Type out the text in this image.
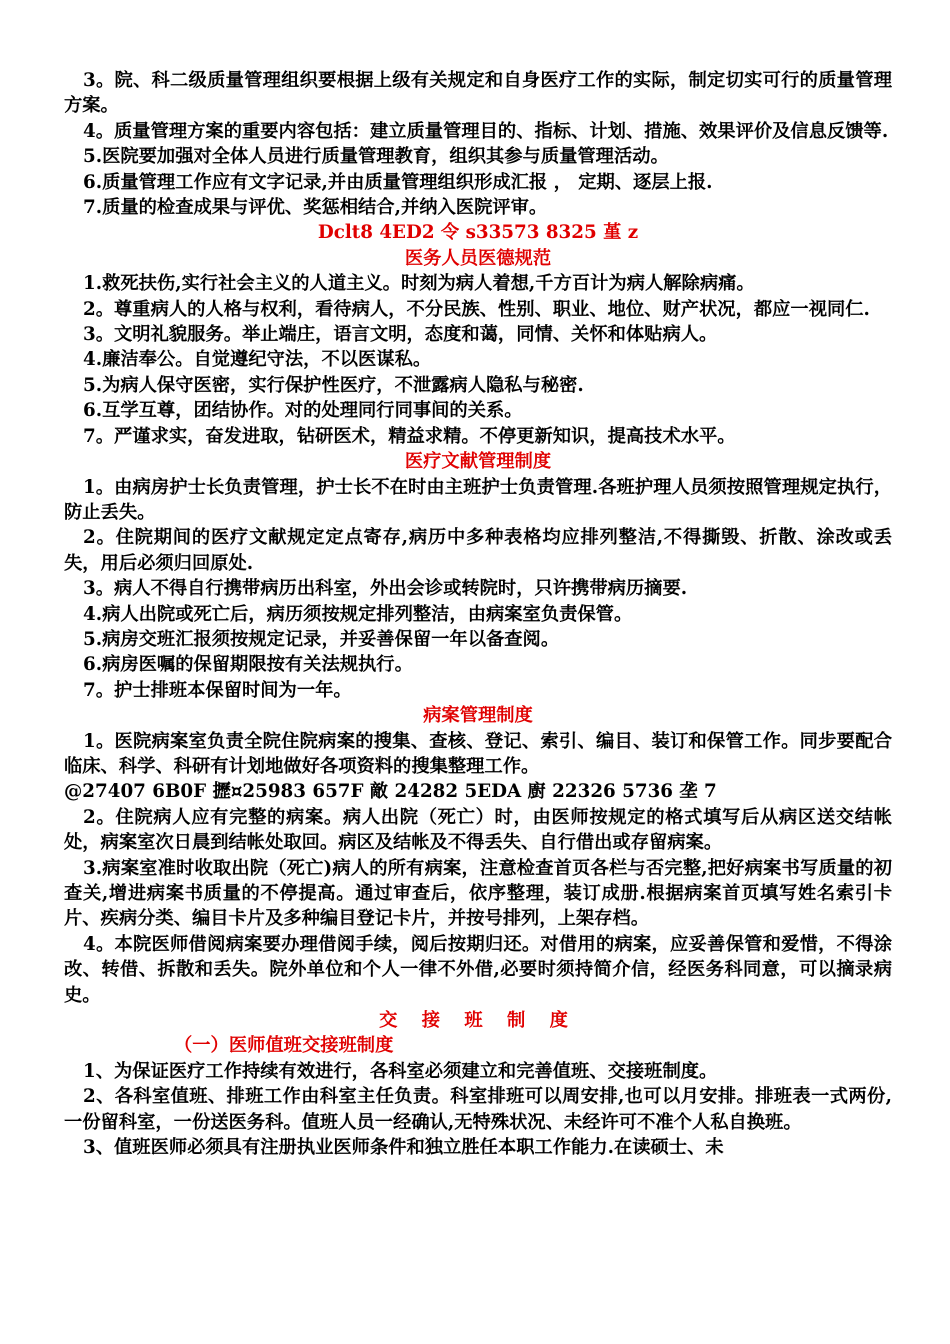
3。院、科二级质量管理组织要根据上级有关规定和自身医疗工作的实际，制定切实可行的质量管理方案。

4。质量管理方案的重要内容包括：建立质量管理目的、指标、计划、措施、效果评价及信息反馈等.

5.医院要加强对全体人员进行质量管理教育，组织其参与质量管理活动。

6.质量管理工作应有文字记录,并由质量管理组织形成汇报 ， 定期、逐层上报.

7.质量的检查成果与评优、奖惩相结合,并纳入医院评审。

Dclt8 4ED2 令 s33573 8325 堇 z
医务人员医德规范

1.救死扶伤,实行社会主义的人道主义。时刻为病人着想,千方百计为病人解除病痛。

2。尊重病人的人格与权利，看待病人，不分民族、性别、职业、地位、财产状况，都应一视同仁.

3。文明礼貌服务。举止端庄，语言文明，态度和蔼，同情、关怀和体贴病人。

4.廉洁奉公。自觉遵纪守法，不以医谋私。

5.为病人保守医密，实行保护性医疗，不泄露病人隐私与秘密.

6.互学互尊，团结协作。对的处理同行同事间的关系。

7。严谨求实，奋发进取，钻研医术，精益求精。不停更新知识，提高技术水平。

医疗文献管理制度

1。由病房护士长负责管理，护士长不在时由主班护士负责管理.各班护理人员须按照管理规定执行，防止丢失。

2。住院期间的医疗文献规定定点寄存,病历中多种表格均应排列整洁,不得撕毁、折散、涂改或丢失，用后必须归回原处.

3。病人不得自行携带病历出科室，外出会诊或转院时，只许携带病历摘要.

4.病人出院或死亡后，病历须按规定排列整洁，由病案室负责保管。

5.病房交班汇报须按规定记录，并妥善保留一年以备查阅。

6.病房医嘱的保留期限按有关法规执行。

7。护士排班本保留时间为一年。

病案管理制度

1。医院病案室负责全院住院病案的搜集、查核、登记、索引、编目、装订和保管工作。同步要配合临床、科学、科研有计划地做好各项资料的搜集整理工作。

@27407 6B0F 攊¤25983 657F 敵 24282 5EDA 廚 22326 5736 垄 7

2。住院病人应有完整的病案。病人出院（死亡）时，由医师按规定的格式填写后从病区送交结帐处，病案室次日晨到结帐处取回。病区及结帐及不得丢失、自行借出或存留病案。

3.病案室准时收取出院（死亡)病人的所有病案，注意检查首页各栏与否完整,把好病案书写质量的初查关,增进病案书质量的不停提高。通过审查后，依序整理，装订成册.根据病案首页填写姓名索引卡片、疾病分类、编目卡片及多种编目登记卡片，并按号排列，上架存档。

4。本院医师借阅病案要办理借阅手续，阅后按期归还。对借用的病案，应妥善保管和爱惜，不得涂改、转借、拆散和丢失。院外单位和个人一律不外借,必要时须持简介信，经医务科同意，可以摘录病史。

交 接 班 制 度
（一）医师值班交接班制度

1、为保证医疗工作持续有效进行，各科室必须建立和完善值班、交接班制度。

2、各科室值班、排班工作由科室主任负责。科室排班可以周安排,也可以月安排。排班表一式两份,一份留科室，一份送医务科。值班人员一经确认,无特殊状况、未经许可不准个人私自换班。

3、值班医师必须具有注册执业医师条件和独立胜任本职工作能力.在读硕士、未
